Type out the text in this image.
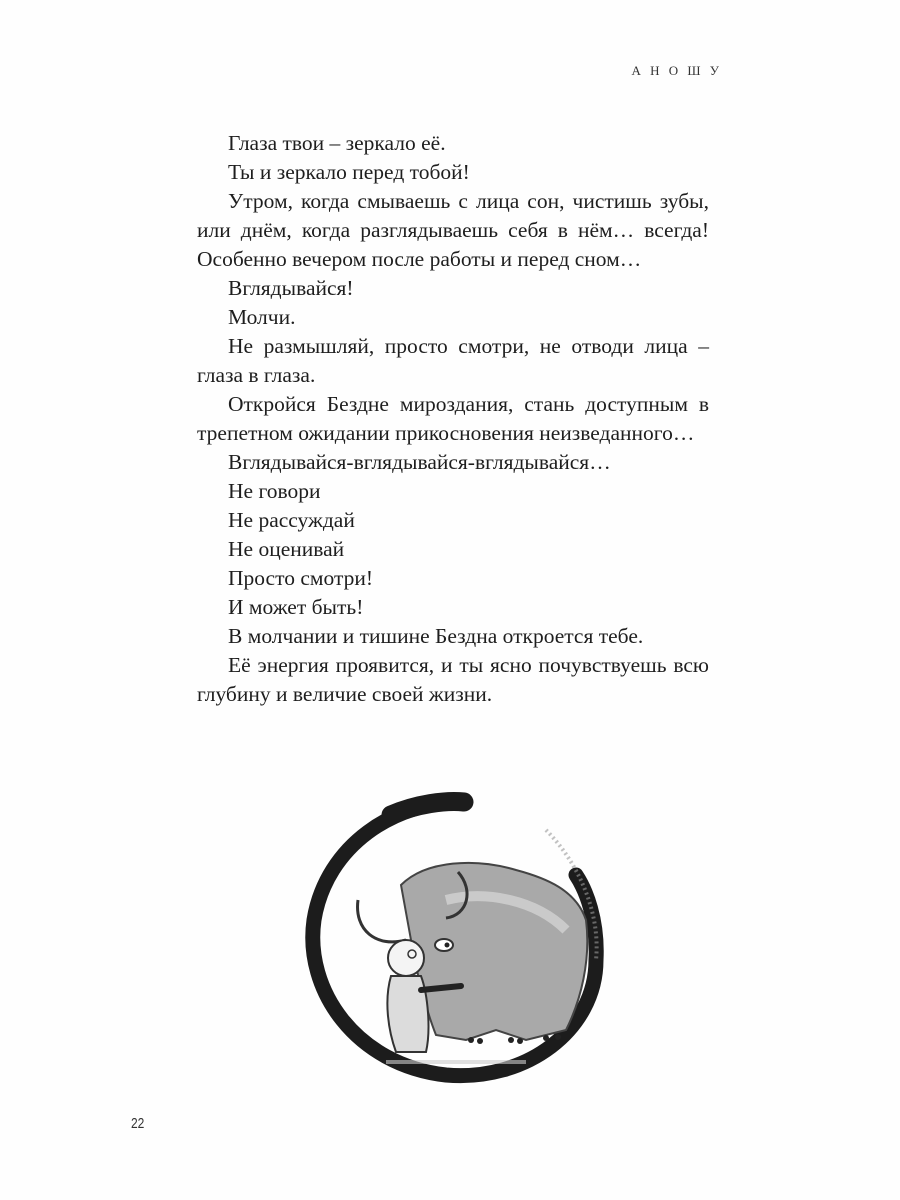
А Н О Ш У

Глаза твои – зеркало её.

Ты и зеркало перед тобой!

Утром, когда смываешь с лица сон, чистишь зубы, или днём, когда разглядываешь себя в нём… всегда! Особенно вечером после работы и перед сном…

Вглядывайся!

Молчи.

Не размышляй, просто смотри, не отводи лица – глаза в глаза.

Откройся Бездне мироздания, стань доступным в трепетном ожидании прикосновения неизведанного…

Вглядывайся-вглядывайся-вглядывайся…

Не говори

Не рассуждай

Не оценивай

Просто смотри!

И может быть!

В молчании и тишине Бездна откроется тебе.

Её энергия проявится, и ты ясно почувствуешь всю глубину и величие своей жизни.

22
